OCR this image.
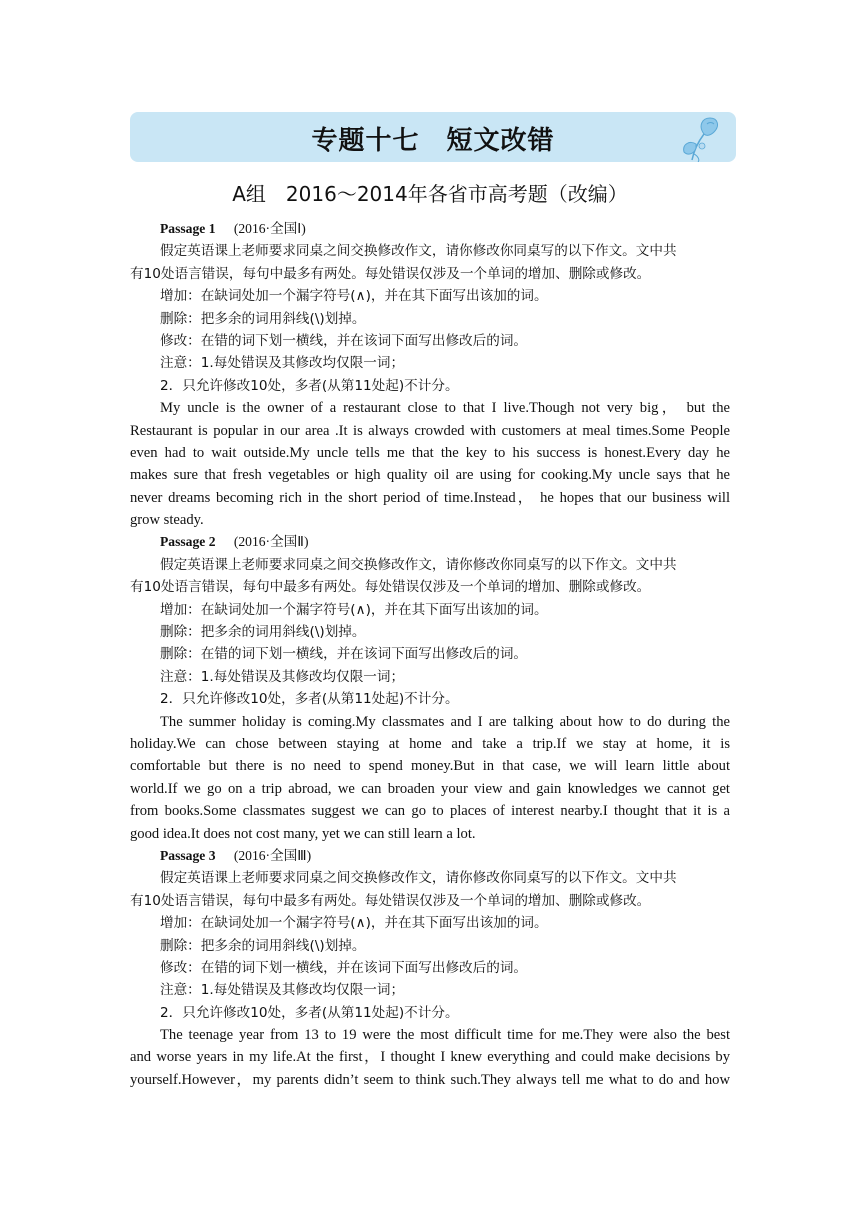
专题十七　短文改错
A组　2016～2014年各省市高考题（改编）
Passage 1 (2016·全国Ⅰ)
假定英语课上老师要求同桌之间交换修改作文，请你修改你同桌写的以下作文。文中共
有10处语言错误，每句中最多有两处。每处错误仅涉及一个单词的增加、删除或修改。
增加：在缺词处加一个漏字符号(∧)，并在其下面写出该加的词。
删除：把多余的词用斜线(\)划掉。
修改：在错的词下划一横线，并在该词下面写出修改后的词。
注意：1.每处错误及其修改均仅限一词；
2．只允许修改10处，多者(从第11处起)不计分。
My uncle is the owner of a restaurant close to that I live.Though not very big， but the
Restaurant is popular in our area .It is always crowded with customers at meal times.Some People
even had to wait outside.My uncle tells me that the key to his success is honest.Every day he
makes sure that fresh vegetables or high quality oil are using for cooking.My uncle says that he
never dreams becoming rich in the short period of time.Instead， he hopes that our business will
grow steady.
Passage 2 (2016·全国Ⅱ)
假定英语课上老师要求同桌之间交换修改作文，请你修改你同桌写的以下作文。文中共
有10处语言错误，每句中最多有两处。每处错误仅涉及一个单词的增加、删除或修改。
增加：在缺词处加一个漏字符号(∧)，并在其下面写出该加的词。
删除：把多余的词用斜线(\)划掉。
删除：在错的词下划一横线，并在该词下面写出修改后的词。
注意：1.每处错误及其修改均仅限一词；
2．只允许修改10处，多者(从第11处起)不计分。
The summer holiday is coming.My classmates and I are talking about how to do during the
holiday.We can chose between staying at home and take a trip.If we stay at home, it is
comfortable but there is no need to spend money.But in that case, we will learn little about
world.If we go on a trip abroad, we can broaden your view and gain knowledges we cannot get
from books.Some classmates suggest we can go to places of interest nearby.I thought that it is a
good idea.It does not cost many, yet we can still learn a lot.
Passage 3 (2016·全国Ⅲ)
假定英语课上老师要求同桌之间交换修改作文，请你修改你同桌写的以下作文。文中共
有10处语言错误，每句中最多有两处。每处错误仅涉及一个单词的增加、删除或修改。
增加：在缺词处加一个漏字符号(∧)，并在其下面写出该加的词。
删除：把多余的词用斜线(\)划掉。
修改：在错的词下划一横线，并在该词下面写出修改后的词。
注意：1.每处错误及其修改均仅限一词；
2．只允许修改10处，多者(从第11处起)不计分。
The teenage year from 13 to 19 were the most difficult time for me.They were also the best
and worse years in my life.At the first，I thought I knew everything and could make decisions by
yourself.However，my parents didn’t seem to think such.They always tell me what to do and how
